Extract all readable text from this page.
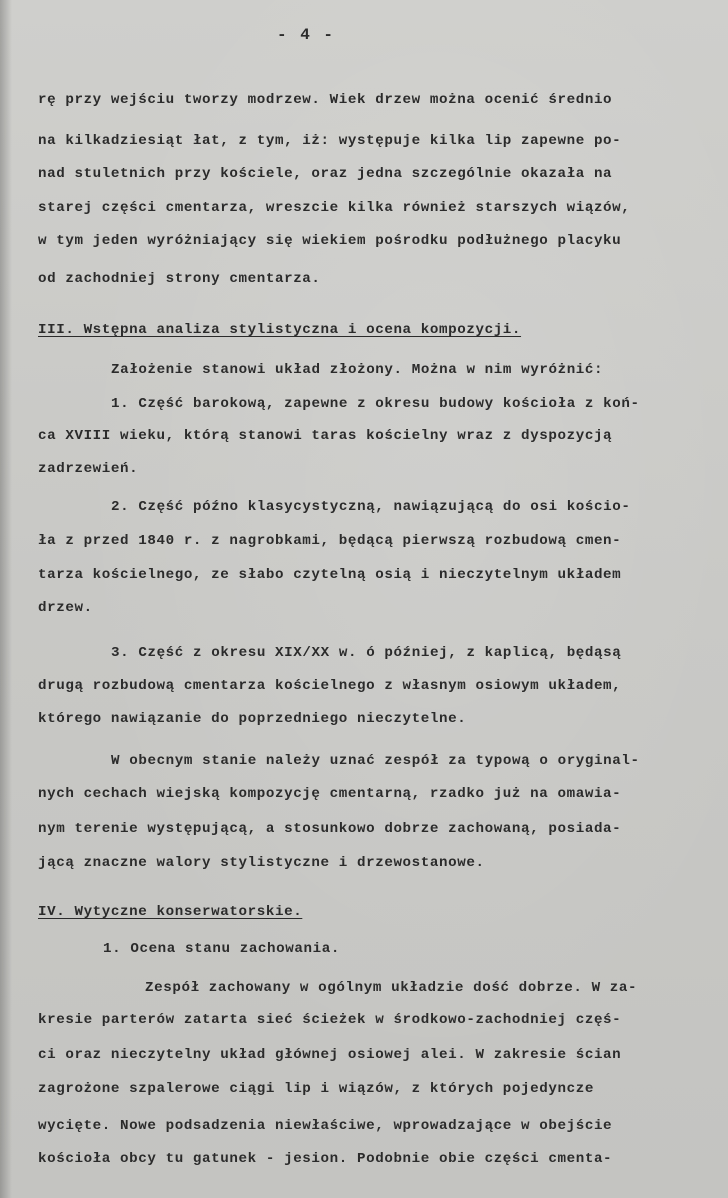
- 4 -
rę przy wejściu tworzy modrzew. Wiek drzew można ocenić średnio
na kilkadziesiąt łat, z tym, iż: występuje kilka lip zapewne po-
nad stuletnich przy kościele, oraz jedna szczególnie okazała na
starej części cmentarza, wreszcie kilka również starszych wiązów,
w tym jeden wyróżniający się wiekiem pośrodku podłużnego placyku
od zachodniej strony cmentarza.
III. Wstępna analiza stylistyczna i ocena kompozycji.
Założenie stanowi układ złożony. Można w nim wyróżnić:
1. Część barokową, zapewne z okresu budowy kościoła z koń-
ca XVIII wieku, którą stanowi taras kościelny wraz z dyspozycją
zadrzewień.
2. Część późno klasycystyczną, nawiązującą do osi kościo-
ła z przed 1840 r. z nagrobkami, będącą pierwszą rozbudową cmen-
tarza kościelnego, ze słabo czytelną osią i nieczytelnym układem
drzew.
3. Część z okresu XIX/XX w. ó później, z kaplicą, będąsą
drugą rozbudową cmentarza kościelnego z własnym osiowym układem,
którego nawiązanie do poprzedniego nieczytelne.
W obecnym stanie należy uznać zespół za typową o oryginal-
nych cechach wiejską kompozycję cmentarną, rzadko już na omawia-
nym terenie występującą, a stosunkowo dobrze zachowaną, posiada-
jącą znaczne walory stylistyczne i drzewostanowe.
IV. Wytyczne konserwatorskie.
1. Ocena stanu zachowania.
Zespół zachowany w ogólnym układzie dość dobrze. W za-
kresie parterów zatarta sieć ścieżek w środkowo-zachodniej częś-
ci oraz nieczytelny układ głównej osiowej alei. W zakresie ścian
zagrożone szpalerowe ciągi lip i wiązów, z których pojedyncze
wycięte. Nowe podsadzenia niewłaściwe, wprowadzające w obejście
kościoła obcy tu gatunek - jesion. Podobnie obie części cmenta-
